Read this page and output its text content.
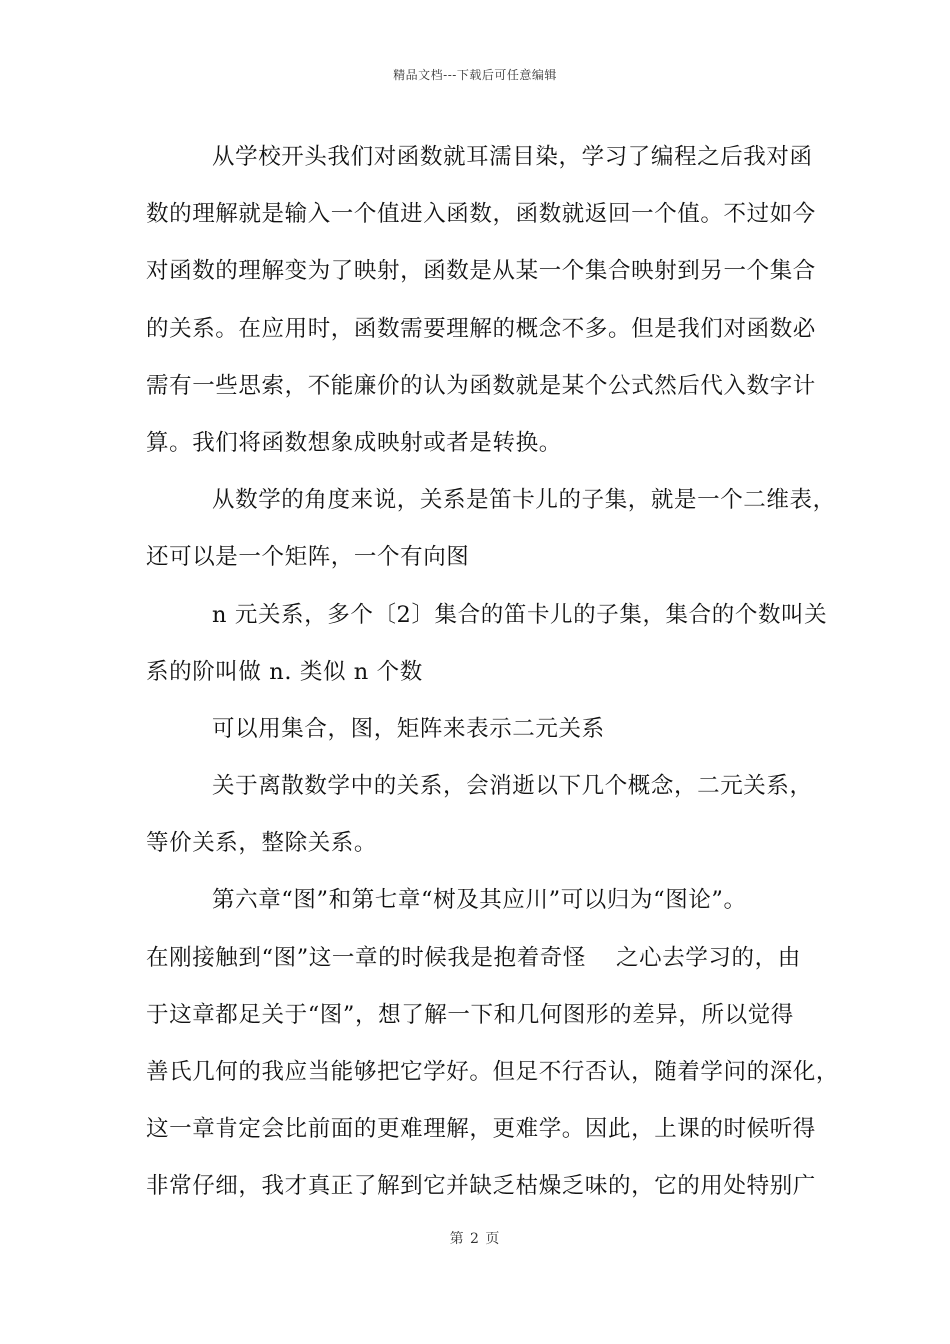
精品文档---下载后可任意编辑
从学校开头我们对函数就耳濡目染，学习了编程之后我对函
数的理解就是输入一个值进入函数，函数就返回一个值。不过如今
对函数的理解变为了映射，函数是从某一个集合映射到另一个集合
的关系。在应用时，函数需要理解的概念不多。但是我们对函数必
需有一些思索，不能廉价的认为函数就是某个公式然后代入数字计
算。我们将函数想象成映射或者是转换。
从数学的角度来说，关系是笛卡儿的子集，就是一个二维表，
还可以是一个矩阵，一个有向图
n 元关系，多个〔2〕集合的笛卡儿的子集，集合的个数叫关
系的阶叫做 n. 类似 n 个数
可以用集合，图，矩阵来表示二元关系
关于离散数学中的关系，会消逝以下几个概念，二元关系，
等价关系，整除关系。
第六章“图”和第七章“树及其应川”可以归为“图论”。
在刚接触到“图”这一章的时候我是抱着奇怪 之心去学习的，由
于这章都足关于“图”，想了解一下和几何图形的差异，所以觉得
善氏几何的我应当能够把它学好。但足不行否认，随着学问的深化，
这一章肯定会比前面的更难理解，更难学。因此，上课的时候听得
非常仔细，我才真正了解到它并缺乏枯燥乏味的，它的用处特别广
第 2 页
